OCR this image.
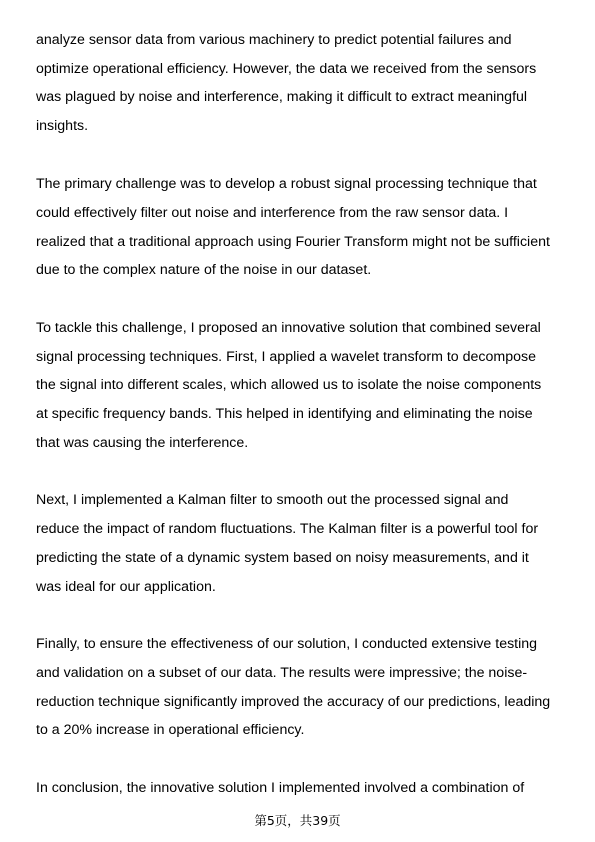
analyze sensor data from various machinery to predict potential failures and
optimize operational efficiency. However, the data we received from the sensors
was plagued by noise and interference, making it difficult to extract meaningful
insights.
The primary challenge was to develop a robust signal processing technique that
could effectively filter out noise and interference from the raw sensor data. I
realized that a traditional approach using Fourier Transform might not be sufficient
due to the complex nature of the noise in our dataset.
To tackle this challenge, I proposed an innovative solution that combined several
signal processing techniques. First, I applied a wavelet transform to decompose
the signal into different scales, which allowed us to isolate the noise components
at specific frequency bands. This helped in identifying and eliminating the noise
that was causing the interference.
Next, I implemented a Kalman filter to smooth out the processed signal and
reduce the impact of random fluctuations. The Kalman filter is a powerful tool for
predicting the state of a dynamic system based on noisy measurements, and it
was ideal for our application.
Finally, to ensure the effectiveness of our solution, I conducted extensive testing
and validation on a subset of our data. The results were impressive; the noise-
reduction technique significantly improved the accuracy of our predictions, leading
to a 20% increase in operational efficiency.
In conclusion, the innovative solution I implemented involved a combination of
第5页，共39页
